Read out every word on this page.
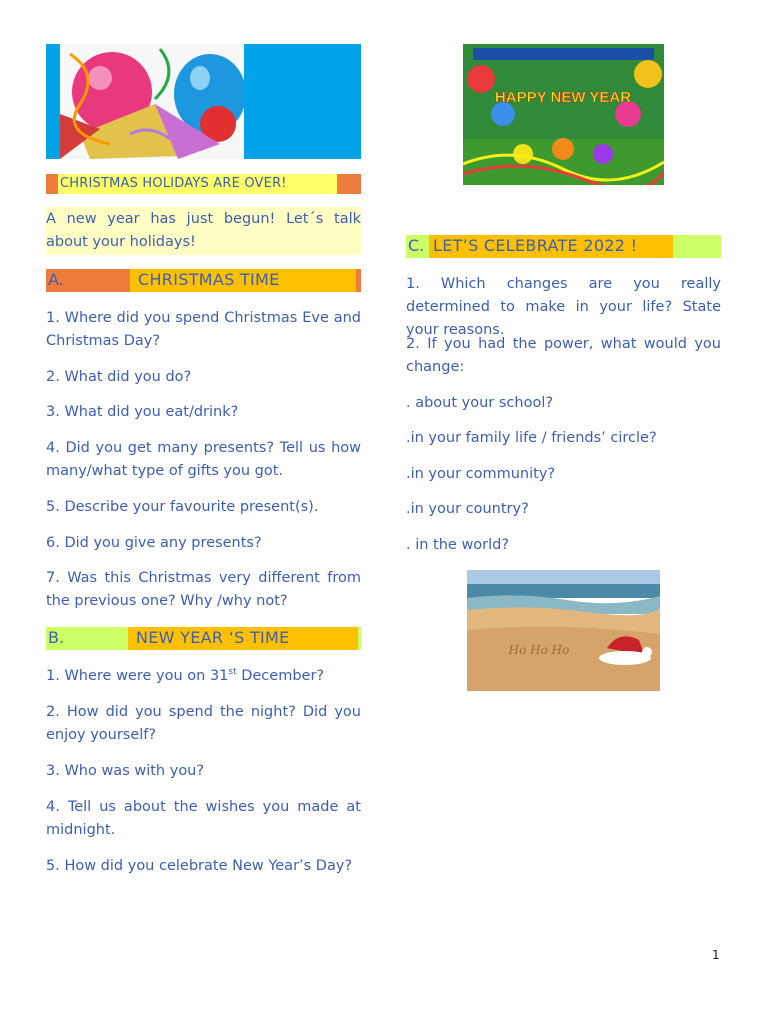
CHRISTMAS HOLIDAYS ARE OVER!
A new year has just begun! Let´s talk about your holidays!
A.	CHRISTMAS TIME
1. Where did you spend Christmas Eve and Christmas Day?
2. What did you do?
3. What did you eat/drink?
4. Did you get many presents? Tell us how many/what type of gifts you got.
5. Describe your favourite present(s).
6. Did you give any presents?
7. Was this Christmas very different from the previous one? Why /why not?
B.	NEW YEAR ‘S TIME
1. Where were you on 31st December?
2. How did you spend the night? Did you enjoy yourself?
3. Who was with you?
4. Tell us about the wishes you made at midnight.
5. How did you celebrate New Year’s Day?
HAPPY NEW YEAR
C. LET’S CELEBRATE 2022 !
1. Which changes are you really determined to make in your life? State your reasons.
2. If you had the power, what would you change:
. about your school?
.in your family life / friends’ circle?
.in your community?
.in your country?
. in the world?
Ho Ho Ho
1
